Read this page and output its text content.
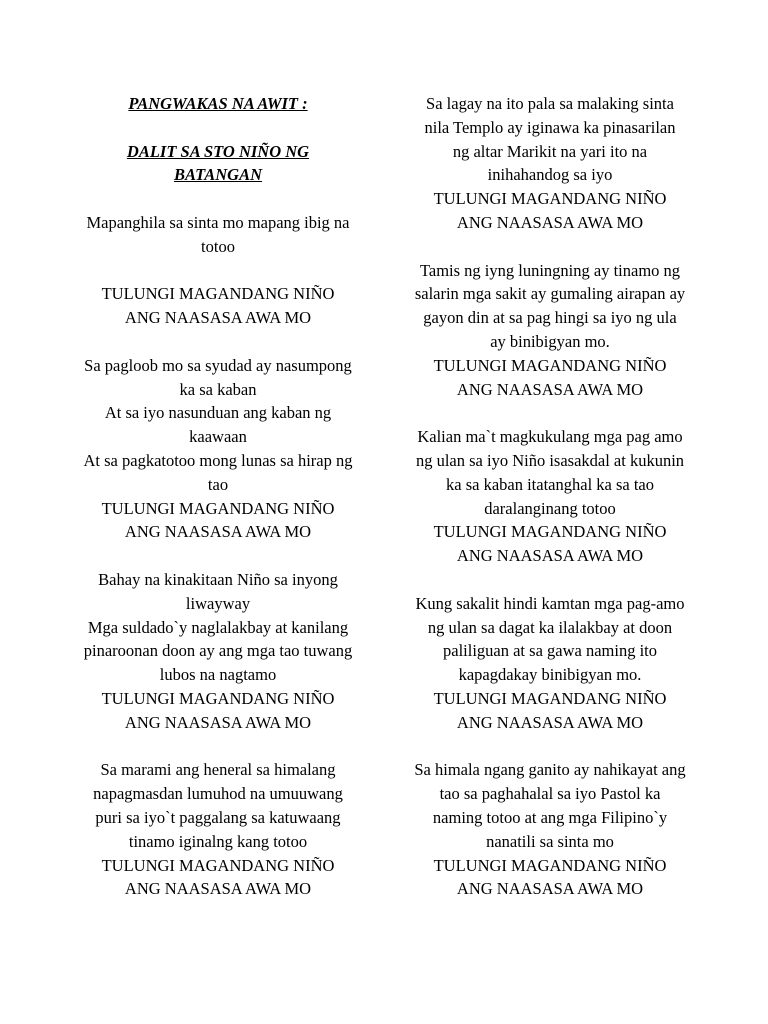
PANGWAKAS NA AWIT :
DALIT SA STO NIÑO NG
BATANGAN
Mapanghila sa sinta mo mapang ibig na
totoo
TULUNGI MAGANDANG NIÑO
ANG NAASASA AWA MO
Sa pagloob mo sa syudad ay nasumpong
ka sa kaban
At sa iyo nasunduan ang kaban ng
kaawaan
At sa pagkatotoo mong lunas sa hirap ng
tao
TULUNGI MAGANDANG NIÑO
ANG NAASASA AWA MO
Bahay na kinakitaan Niño sa inyong
liwayway
Mga suldado`y naglalakbay at kanilang
pinaroonan doon ay ang mga tao tuwang
lubos na nagtamo
TULUNGI MAGANDANG NIÑO
ANG NAASASA AWA MO
Sa marami ang heneral sa himalang
napagmasdan lumuhod na umuuwang
puri sa iyo`t paggalang sa katuwaang
tinamo iginalng kang totoo
TULUNGI MAGANDANG NIÑO
ANG NAASASA AWA MO
Sa lagay na ito pala sa malaking sinta
nila Templo ay iginawa ka pinasarilan
ng altar Marikit na yari ito na
inihahandog sa iyo
TULUNGI MAGANDANG NIÑO
ANG NAASASA AWA MO
Tamis ng iyng luningning ay tinamo ng
salarin mga sakit ay gumaling airapan ay
gayon din at sa pag hingi sa iyo ng ula
ay binibigyan mo.
TULUNGI MAGANDANG NIÑO
ANG NAASASA AWA MO
Kalian ma`t magkukulang mga pag amo
ng ulan sa iyo Niño isasakdal at kukunin
ka sa kaban itatanghal ka sa tao
daralanginang totoo
TULUNGI MAGANDANG NIÑO
ANG NAASASA AWA MO
Kung sakalit hindi kamtan mga pag-amo
ng ulan sa dagat ka ilalakbay at doon
paliliguan at sa gawa naming ito
kapagdakay binibigyan mo.
TULUNGI MAGANDANG NIÑO
ANG NAASASA AWA MO
Sa himala ngang ganito ay nahikayat ang
tao sa paghahalal sa iyo Pastol ka
naming totoo at ang mga Filipino`y
nanatili sa sinta mo
TULUNGI MAGANDANG NIÑO
ANG NAASASA AWA MO
